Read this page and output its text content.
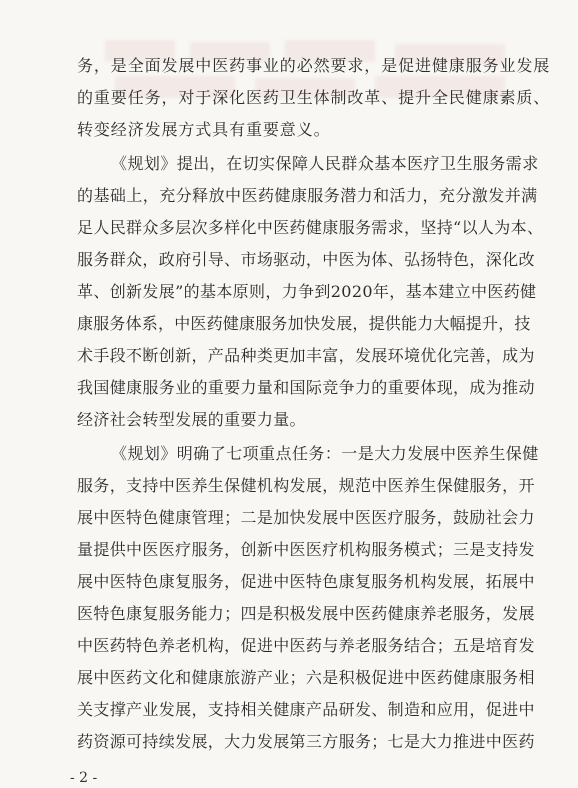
务，是全面发展中医药事业的必然要求，是促进健康服务业发展
的重要任务，对于深化医药卫生体制改革、提升全民健康素质、
转变经济发展方式具有重要意义。
《规划》提出，在切实保障人民群众基本医疗卫生服务需求
的基础上，充分释放中医药健康服务潜力和活力，充分激发并满
足人民群众多层次多样化中医药健康服务需求，坚持“以人为本、
服务群众，政府引导、市场驱动，中医为体、弘扬特色，深化改
革、创新发展”的基本原则，力争到2020年，基本建立中医药健
康服务体系，中医药健康服务加快发展，提供能力大幅提升，技
术手段不断创新，产品种类更加丰富，发展环境优化完善，成为
我国健康服务业的重要力量和国际竞争力的重要体现，成为推动
经济社会转型发展的重要力量。
《规划》明确了七项重点任务：一是大力发展中医养生保健
服务，支持中医养生保健机构发展，规范中医养生保健服务，开
展中医特色健康管理；二是加快发展中医医疗服务，鼓励社会力
量提供中医医疗服务，创新中医医疗机构服务模式；三是支持发
展中医特色康复服务，促进中医特色康复服务机构发展，拓展中
医特色康复服务能力；四是积极发展中医药健康养老服务，发展
中医药特色养老机构，促进中医药与养老服务结合；五是培育发
展中医药文化和健康旅游产业；六是积极促进中医药健康服务相
关支撑产业发展，支持相关健康产品研发、制造和应用，促进中
药资源可持续发展，大力发展第三方服务；七是大力推进中医药
- 2 -
